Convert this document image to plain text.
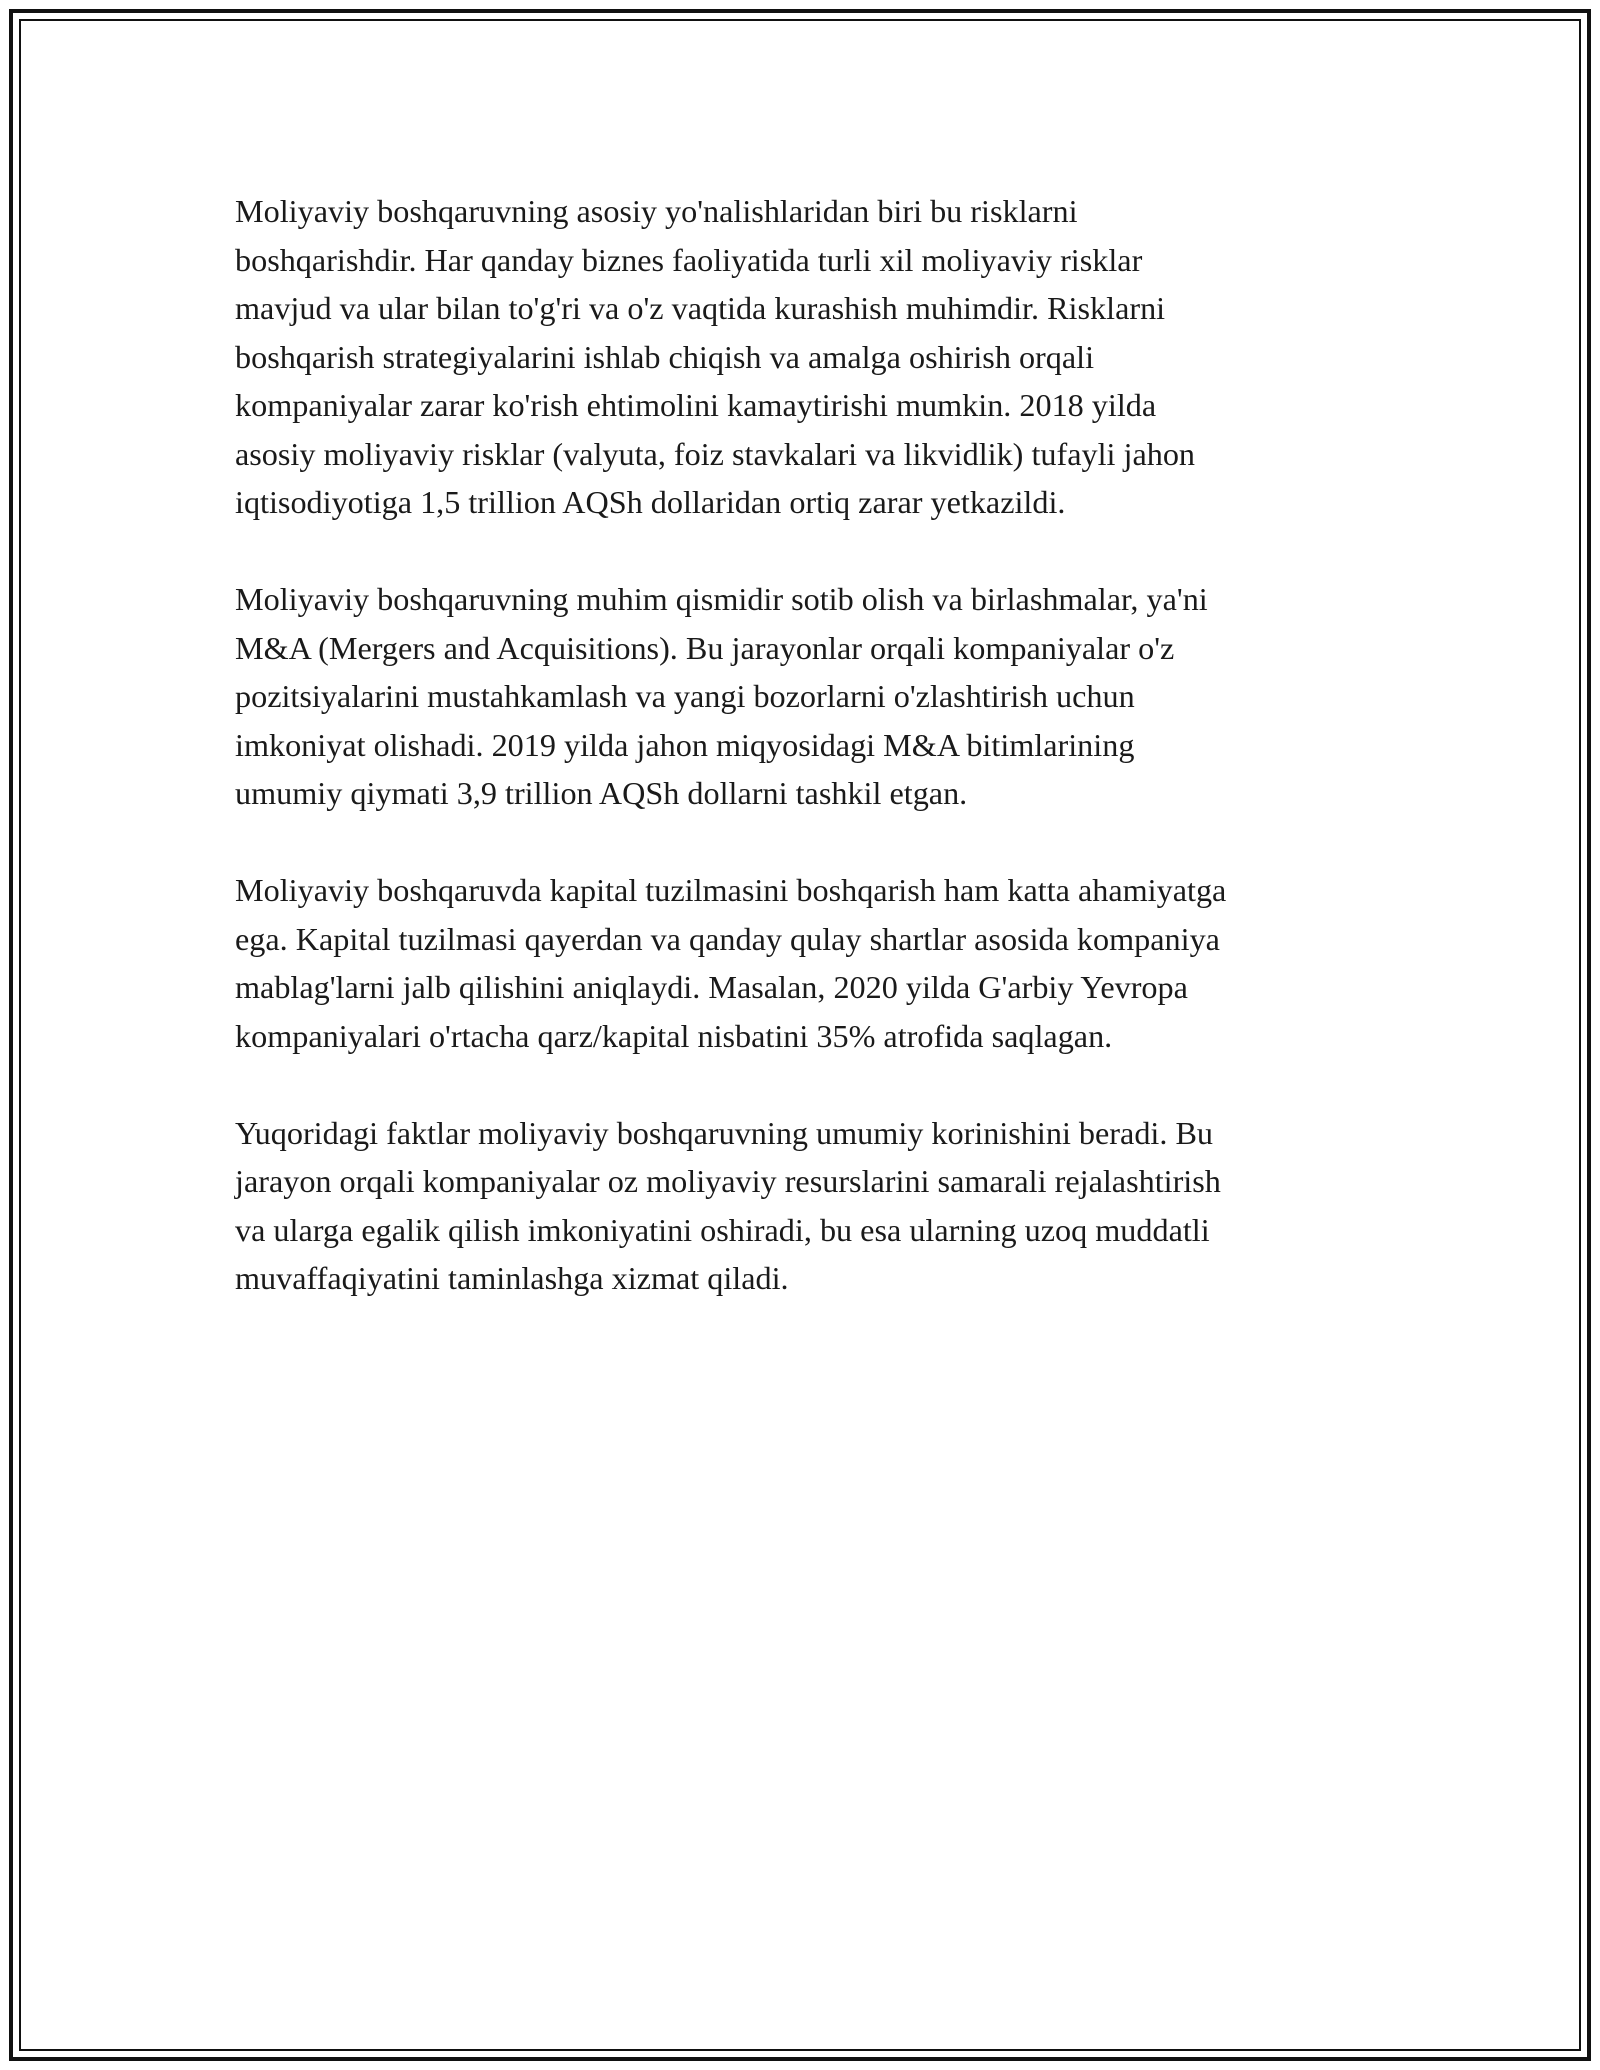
Moliyaviy boshqaruvning asosiy yo'nalishlaridan biri bu risklarni
boshqarishdir. Har qanday biznes faoliyatida turli xil moliyaviy risklar
mavjud va ular bilan to'g'ri va o'z vaqtida kurashish muhimdir. Risklarni
boshqarish strategiyalarini ishlab chiqish va amalga oshirish orqali
kompaniyalar zarar ko'rish ehtimolini kamaytirishi mumkin. 2018 yilda
asosiy moliyaviy risklar (valyuta, foiz stavkalari va likvidlik) tufayli jahon
iqtisodiyotiga 1,5 trillion AQSh dollaridan ortiq zarar yetkazildi.

Moliyaviy boshqaruvning muhim qismidir sotib olish va birlashmalar, ya'ni
M&A (Mergers and Acquisitions). Bu jarayonlar orqali kompaniyalar o'z
pozitsiyalarini mustahkamlash va yangi bozorlarni o'zlashtirish uchun
imkoniyat olishadi. 2019 yilda jahon miqyosidagi M&A bitimlarining
umumiy qiymati 3,9 trillion AQSh dollarni tashkil etgan.

Moliyaviy boshqaruvda kapital tuzilmasini boshqarish ham katta ahamiyatga
ega. Kapital tuzilmasi qayerdan va qanday qulay shartlar asosida kompaniya
mablag'larni jalb qilishini aniqlaydi. Masalan, 2020 yilda G'arbiy Yevropa
kompaniyalari o'rtacha qarz/kapital nisbatini 35% atrofida saqlagan.

Yuqoridagi faktlar moliyaviy boshqaruvning umumiy korinishini beradi. Bu
jarayon orqali kompaniyalar oz moliyaviy resurslarini samarali rejalashtirish
va ularga egalik qilish imkoniyatini oshiradi, bu esa ularning uzoq muddatli
muvaffaqiyatini taminlashga xizmat qiladi.
